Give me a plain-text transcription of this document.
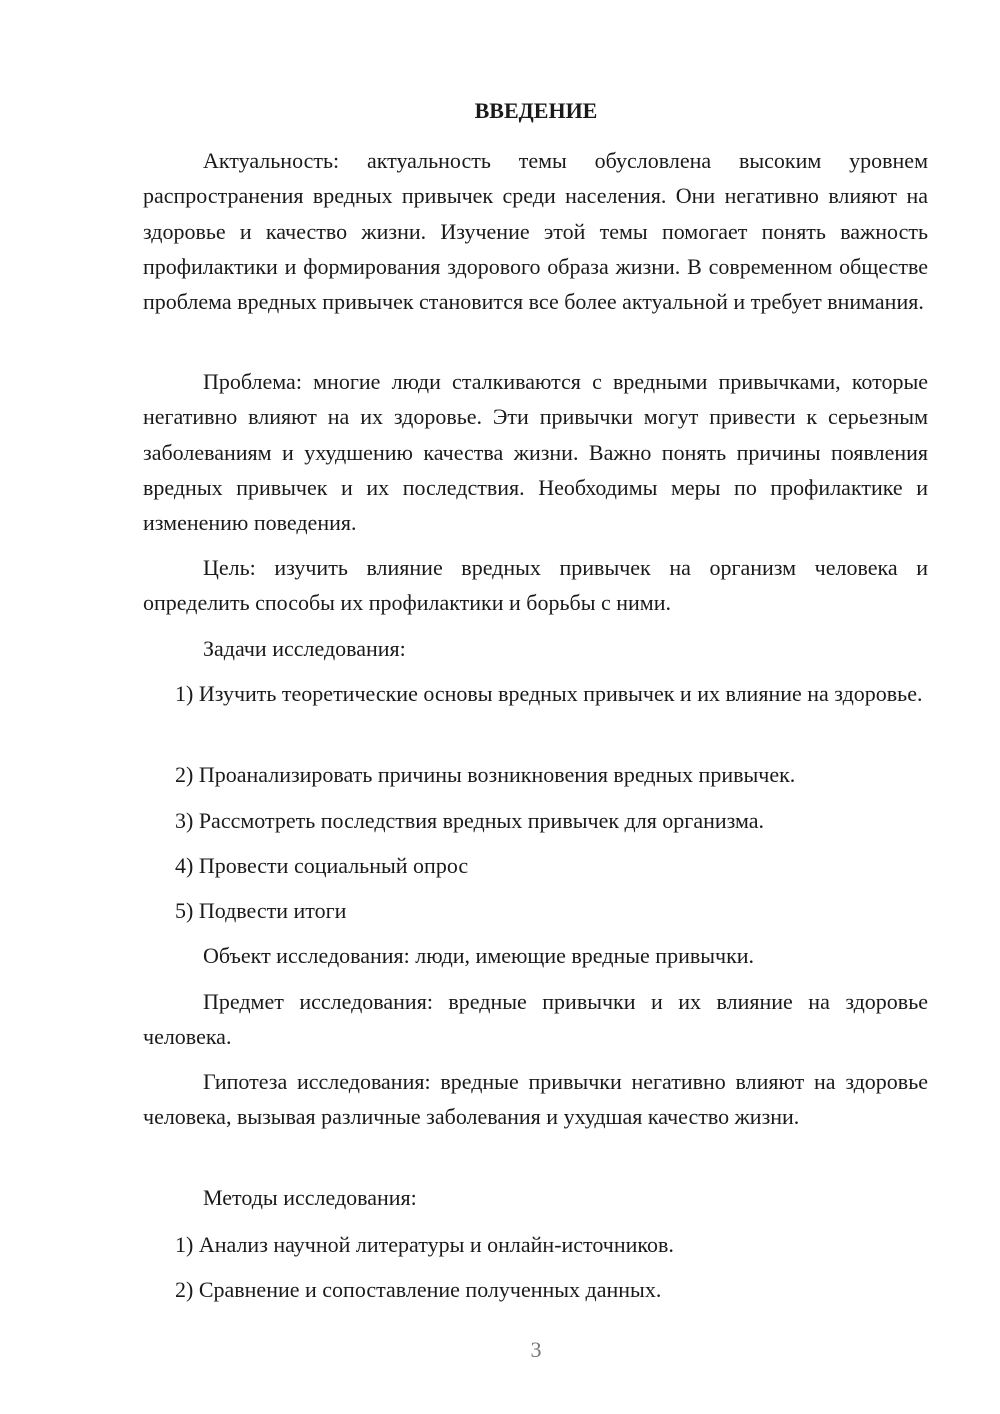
ВВЕДЕНИЕ
Актуальность: актуальность темы обусловлена высоким уровнем распространения вредных привычек среди населения. Они негативно влияют на здоровье и качество жизни. Изучение этой темы помогает понять важность профилактики и формирования здорового образа жизни. В современном обществе проблема вредных привычек становится все более актуальной и требует внимания.
Проблема: многие люди сталкиваются с вредными привычками, которые негативно влияют на их здоровье. Эти привычки могут привести к серьезным заболеваниям и ухудшению качества жизни. Важно понять причины появления вредных привычек и их последствия. Необходимы меры по профилактике и изменению поведения.
Цель: изучить влияние вредных привычек на организм человека и определить способы их профилактики и борьбы с ними.
Задачи исследования:
1) Изучить теоретические основы вредных привычек и их влияние на здоровье.
2) Проанализировать причины возникновения вредных привычек.
3) Рассмотреть последствия вредных привычек для организма.
4) Провести социальный опрос
5) Подвести итоги
Объект исследования: люди, имеющие вредные привычки.
Предмет исследования: вредные привычки и их влияние на здоровье человека.
Гипотеза исследования: вредные привычки негативно влияют на здоровье человека, вызывая различные заболевания и ухудшая качество жизни.
Методы исследования:
1) Анализ научной литературы и онлайн-источников.
2) Сравнение и сопоставление полученных данных.
3
